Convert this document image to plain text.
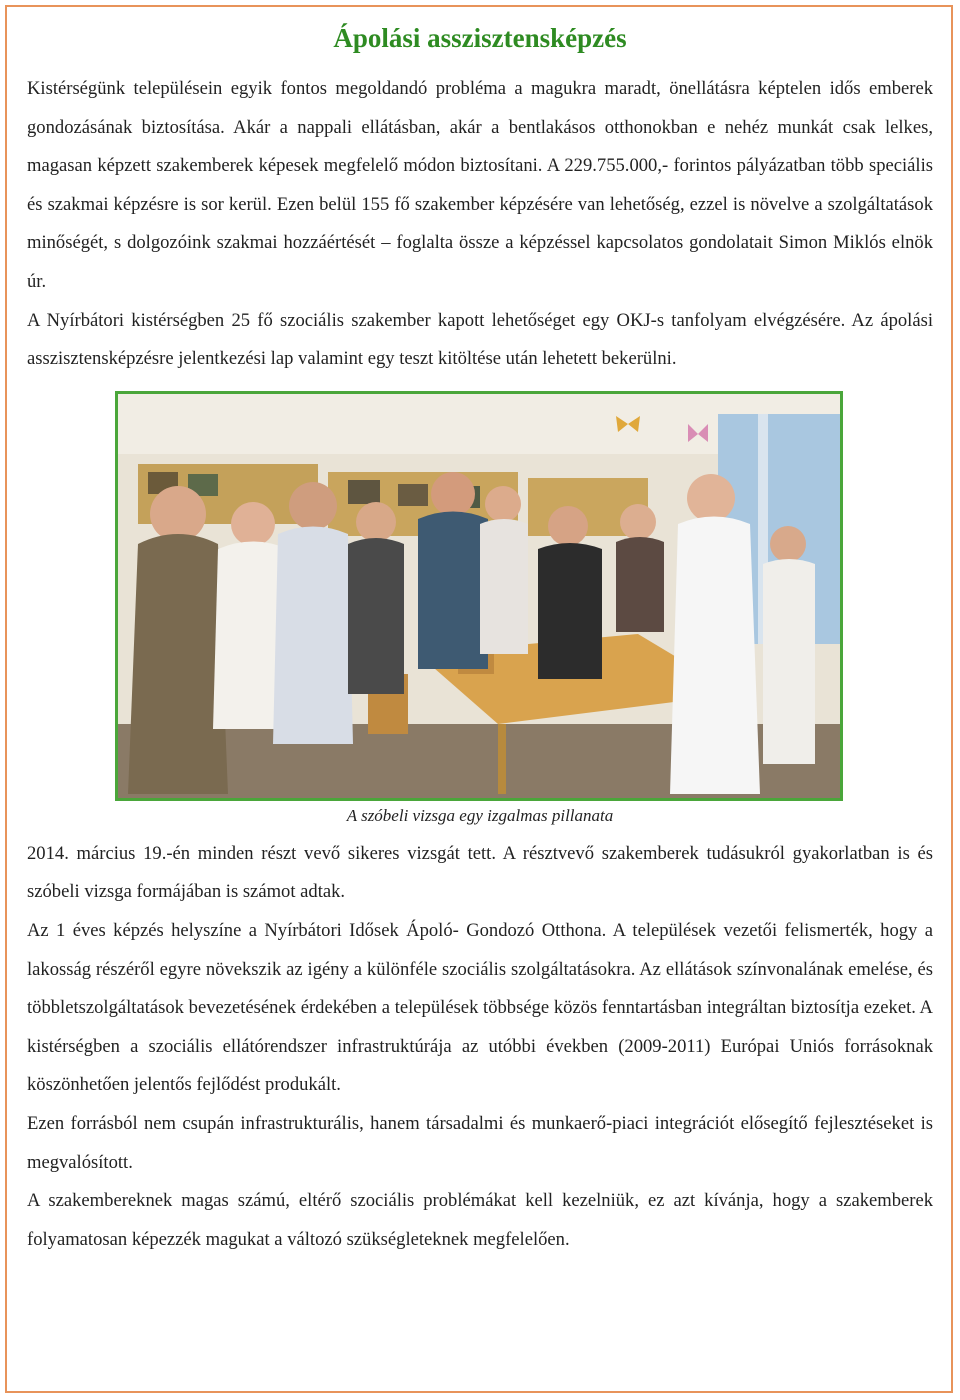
Ápolási asszisztensképzés

Kistérségünk településein egyik fontos megoldandó probléma a magukra maradt, önellátásra képtelen idős emberek gondozásának biztosítása. Akár a nappali ellátásban, akár a bentlakásos otthonokban e nehéz munkát csak lelkes, magasan képzett szakemberek képesek megfelelő módon biztosítani. A 229.755.000,- forintos pályázatban több speciális és szakmai képzésre is sor kerül. Ezen belül 155 fő szakember képzésére van lehetőség, ezzel is növelve a szolgáltatások minőségét, s dolgozóink szakmai hozzáértését – foglalta össze a képzéssel kapcsolatos gondolatait Simon Miklós elnök úr.

A Nyírbátori kistérségben 25 fő szociális szakember kapott lehetőséget egy OKJ-s tanfolyam elvégzésére. Az ápolási asszisztensképzésre jelentkezési lap valamint egy teszt kitöltése után lehetett bekerülni.

A szóbeli vizsga egy izgalmas pillanata

2014. március 19.-én minden részt vevő sikeres vizsgát tett. A résztvevő szakemberek tudásukról gyakorlatban is és szóbeli vizsga formájában is számot adtak.

Az 1 éves képzés helyszíne a Nyírbátori Idősek Ápoló- Gondozó Otthona. A települések vezetői felismerték, hogy a lakosság részéről egyre növekszik az igény a különféle szociális szolgáltatásokra. Az ellátások színvonalának emelése, és többletszolgáltatások bevezetésének érdekében a települések többsége közös fenntartásban integráltan biztosítja ezeket. A kistérségben a szociális ellátórendszer infrastruktúrája az utóbbi években (2009-2011) Európai Uniós forrásoknak köszönhetően jelentős fejlődést produkált.

Ezen forrásból nem csupán infrastrukturális, hanem társadalmi és munkaerő-piaci integrációt elősegítő fejlesztéseket is megvalósított.

A szakembereknek magas számú, eltérő szociális problémákat kell kezelniük, ez azt kívánja, hogy a szakemberek folyamatosan képezzék magukat a változó szükségleteknek megfelelően.
